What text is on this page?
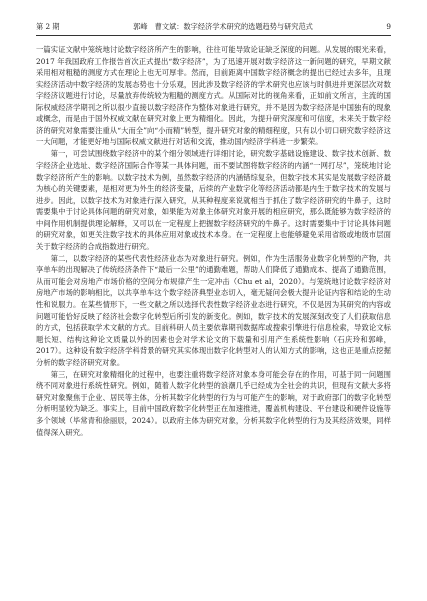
第 2 期	郭峰　曹文斌：数字经济学术研究的选题趋势与研究范式	9

一篇实证文献中笼统地讨论数字经济所产生的影响，往往可能导致论证缺乏深度的问题。从发展的眼光来看，2017 年我国政府工作报告首次正式提出“数字经济”，为了迅速开展对数字经济这一新问题的研究，早期文献采用相对粗糙的测度方式在理论上也无可厚非。然而，目前距离中国数字经济概念的提出已经过去多年，且现实经济活动中数字经济的发展态势也十分乐观，因此涉及数字经济的学术研究也应该与时俱进并更深层次对数字经济议题进行讨论，尽量放弃传统较为粗糙的测度方式。从国际对比的视角来看，正如前文所言，主流的国际权威经济学期刊之所以很少直接以数字经济作为整体对象进行研究，并不是因为数字经济是中国独有的现象或概念，而是由于国外权威文献在研究对象上更为精细化。因此，为提升研究深度和可信度，未来关于数字经济的研究对象需要注重从“大而全”向“小而精”转型，提升研究对象的精细程度，只有以小切口研究数字经济这一大问题，才能更好地与国际权威文献进行对话和交流，推动国内经济学科进一步繁荣。

第一，可尝试围绕数字经济中的某个细分领域进行详细讨论，研究数字基础设施建设、数字技术创新、数字经济企业选址、数字经济国际合作等某一具体问题，而不要试图将数字经济的内涵“一网打尽”，笼统地讨论数字经济所产生的影响。以数字技术为例，虽然数字经济的内涵错综复杂，但数字技术其实是发展数字经济最为核心的关键要素，是相对更为外生的经济变量，后续的产业数字化等经济活动都是内生于数字技术的发展与进步。因此，以数字技术为对象进行深入研究，从其种程度来说就相当于抓住了数字经济研究的牛鼻子，这时需要集中于讨论具体问题的研究对象，如果能为对象主体研究对象开展的相应研究，那么既能够为数字经济的中间作用机制提供理论解释，又可以在一定程度上把握数字经济研究的牛鼻子。这时需要集中于讨论具体问题的研究对象，如更关注数字技术的具体应用对象或技术本身。在一定程度上也能够避免采用省级或地级市层面关于数字经济的合成指数进行研究。

第二，以数字经济的某些代表性经济业态为对象进行研究。例如，作为生活服务业数字化转型的产物，共享单车的出现解决了传统经济条件下“最后一公里”的通勤难题，帮助人们降低了通勤成本、提高了通勤范围，从而可能会对房地产市场价格的空间分布规律产生一定冲击（Chu et al，2020）。与笼统地讨论数字经济对房地产市场的影响相比，以共享单车这个数字经济典型业态切入，毫无疑问会极大提升论证内容和结论的生动性和说服力。在某些情形下，一些文献之所以选择代表性数字经济业态进行研究，不仅是因为其研究的内容或问题可能恰好反映了经济社会数字化转型后所引发的新变化。例如，数字技术的发展深刻改变了人们获取信息的方式，包括获取学术文献的方式。目前科研人员主要依靠期刊数据库或搜索引擎进行信息检索，导致论文标题长短、结构这种论文质量以外的因素也会对学术论文的下载量和引用产生系统性影响（石庆玲和郭峰，2017）。这种设有数字经济学科背景的研究其实体现出数字化转型对人的认知方式的影响，这也正是重点挖掘分析的数字经济研究对象。

第三，在研究对象精细化的过程中，也要注重将数字经济对象本身可能会存在的作用，可基于同一问题围绕不同对象进行系统性研究。例如，随着人数字化转型的浪潮几乎已经成为全社会的共识，但现有文献大多将研究对象聚焦于企业、居民等主体，分析其数字化转型的行为与可能产生的影响，对于政府部门的数字化转型分析明显较为缺乏。事实上，目前中国政府数字化转型正在加速推进，覆盖机构建设、平台建设和硬件设施等多个领域（毕常青和徐丽辰，2024）。以政府主体为研究对象，分析其数字化转型的行为及其经济效果，同样值得深入研究。
